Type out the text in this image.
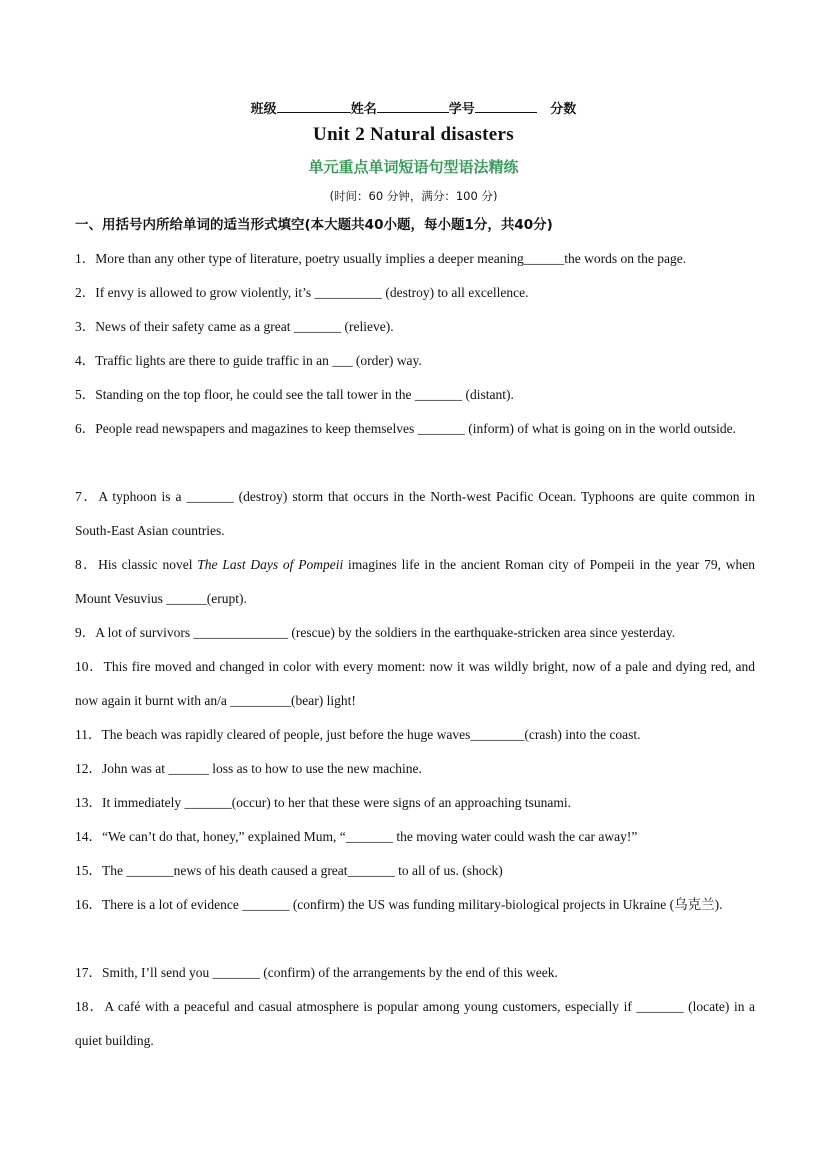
班级	姓名	学号	分数
Unit 2 Natural disasters
单元重点单词短语句型语法精练
(时间：60 分钟，满分：100 分)
一、用括号内所给单词的适当形式填空(本大题共40小题，每小题1分，共40分)
1．More than any other type of literature, poetry usually implies a deeper meaning______the words on the page.
2．If envy is allowed to grow violently, it’s __________ (destroy) to all excellence.
3．News of their safety came as a great _______ (relieve).
4．Traffic lights are there to guide traffic in an ___ (order) way.
5．Standing on the top floor, he could see the tall tower in the _______ (distant).
6．People read newspapers and magazines to keep themselves _______ (inform) of what is going on in the world outside.
7．A typhoon is a _______ (destroy) storm that occurs in the North-west Pacific Ocean. Typhoons are quite common in South-East Asian countries.
8．His classic novel The Last Days of Pompeii imagines life in the ancient Roman city of Pompeii in the year 79, when Mount Vesuvius ______(erupt).
9．A lot of survivors ______________ (rescue) by the soldiers in the earthquake-stricken area since yesterday.
10．This fire moved and changed in color with every moment: now it was wildly bright, now of a pale and dying red, and now again it burnt with an/a _________(bear) light!
11．The beach was rapidly cleared of people, just before the huge waves________(crash) into the coast.
12．John was at ______ loss as to how to use the new machine.
13．It immediately _______(occur) to her that these were signs of an approaching tsunami.
14．“We can’t do that, honey,” explained Mum, “_______ the moving water could wash the car away!”
15．The _______news of his death caused a great_______ to all of us. (shock)
16．There is a lot of evidence _______ (confirm) the US was funding military-biological projects in Ukraine (乌克兰).
17．Smith, I’ll send you _______ (confirm) of the arrangements by the end of this week.
18．A café with a peaceful and casual atmosphere is popular among young customers, especially if _______ (locate) in a quiet building.
